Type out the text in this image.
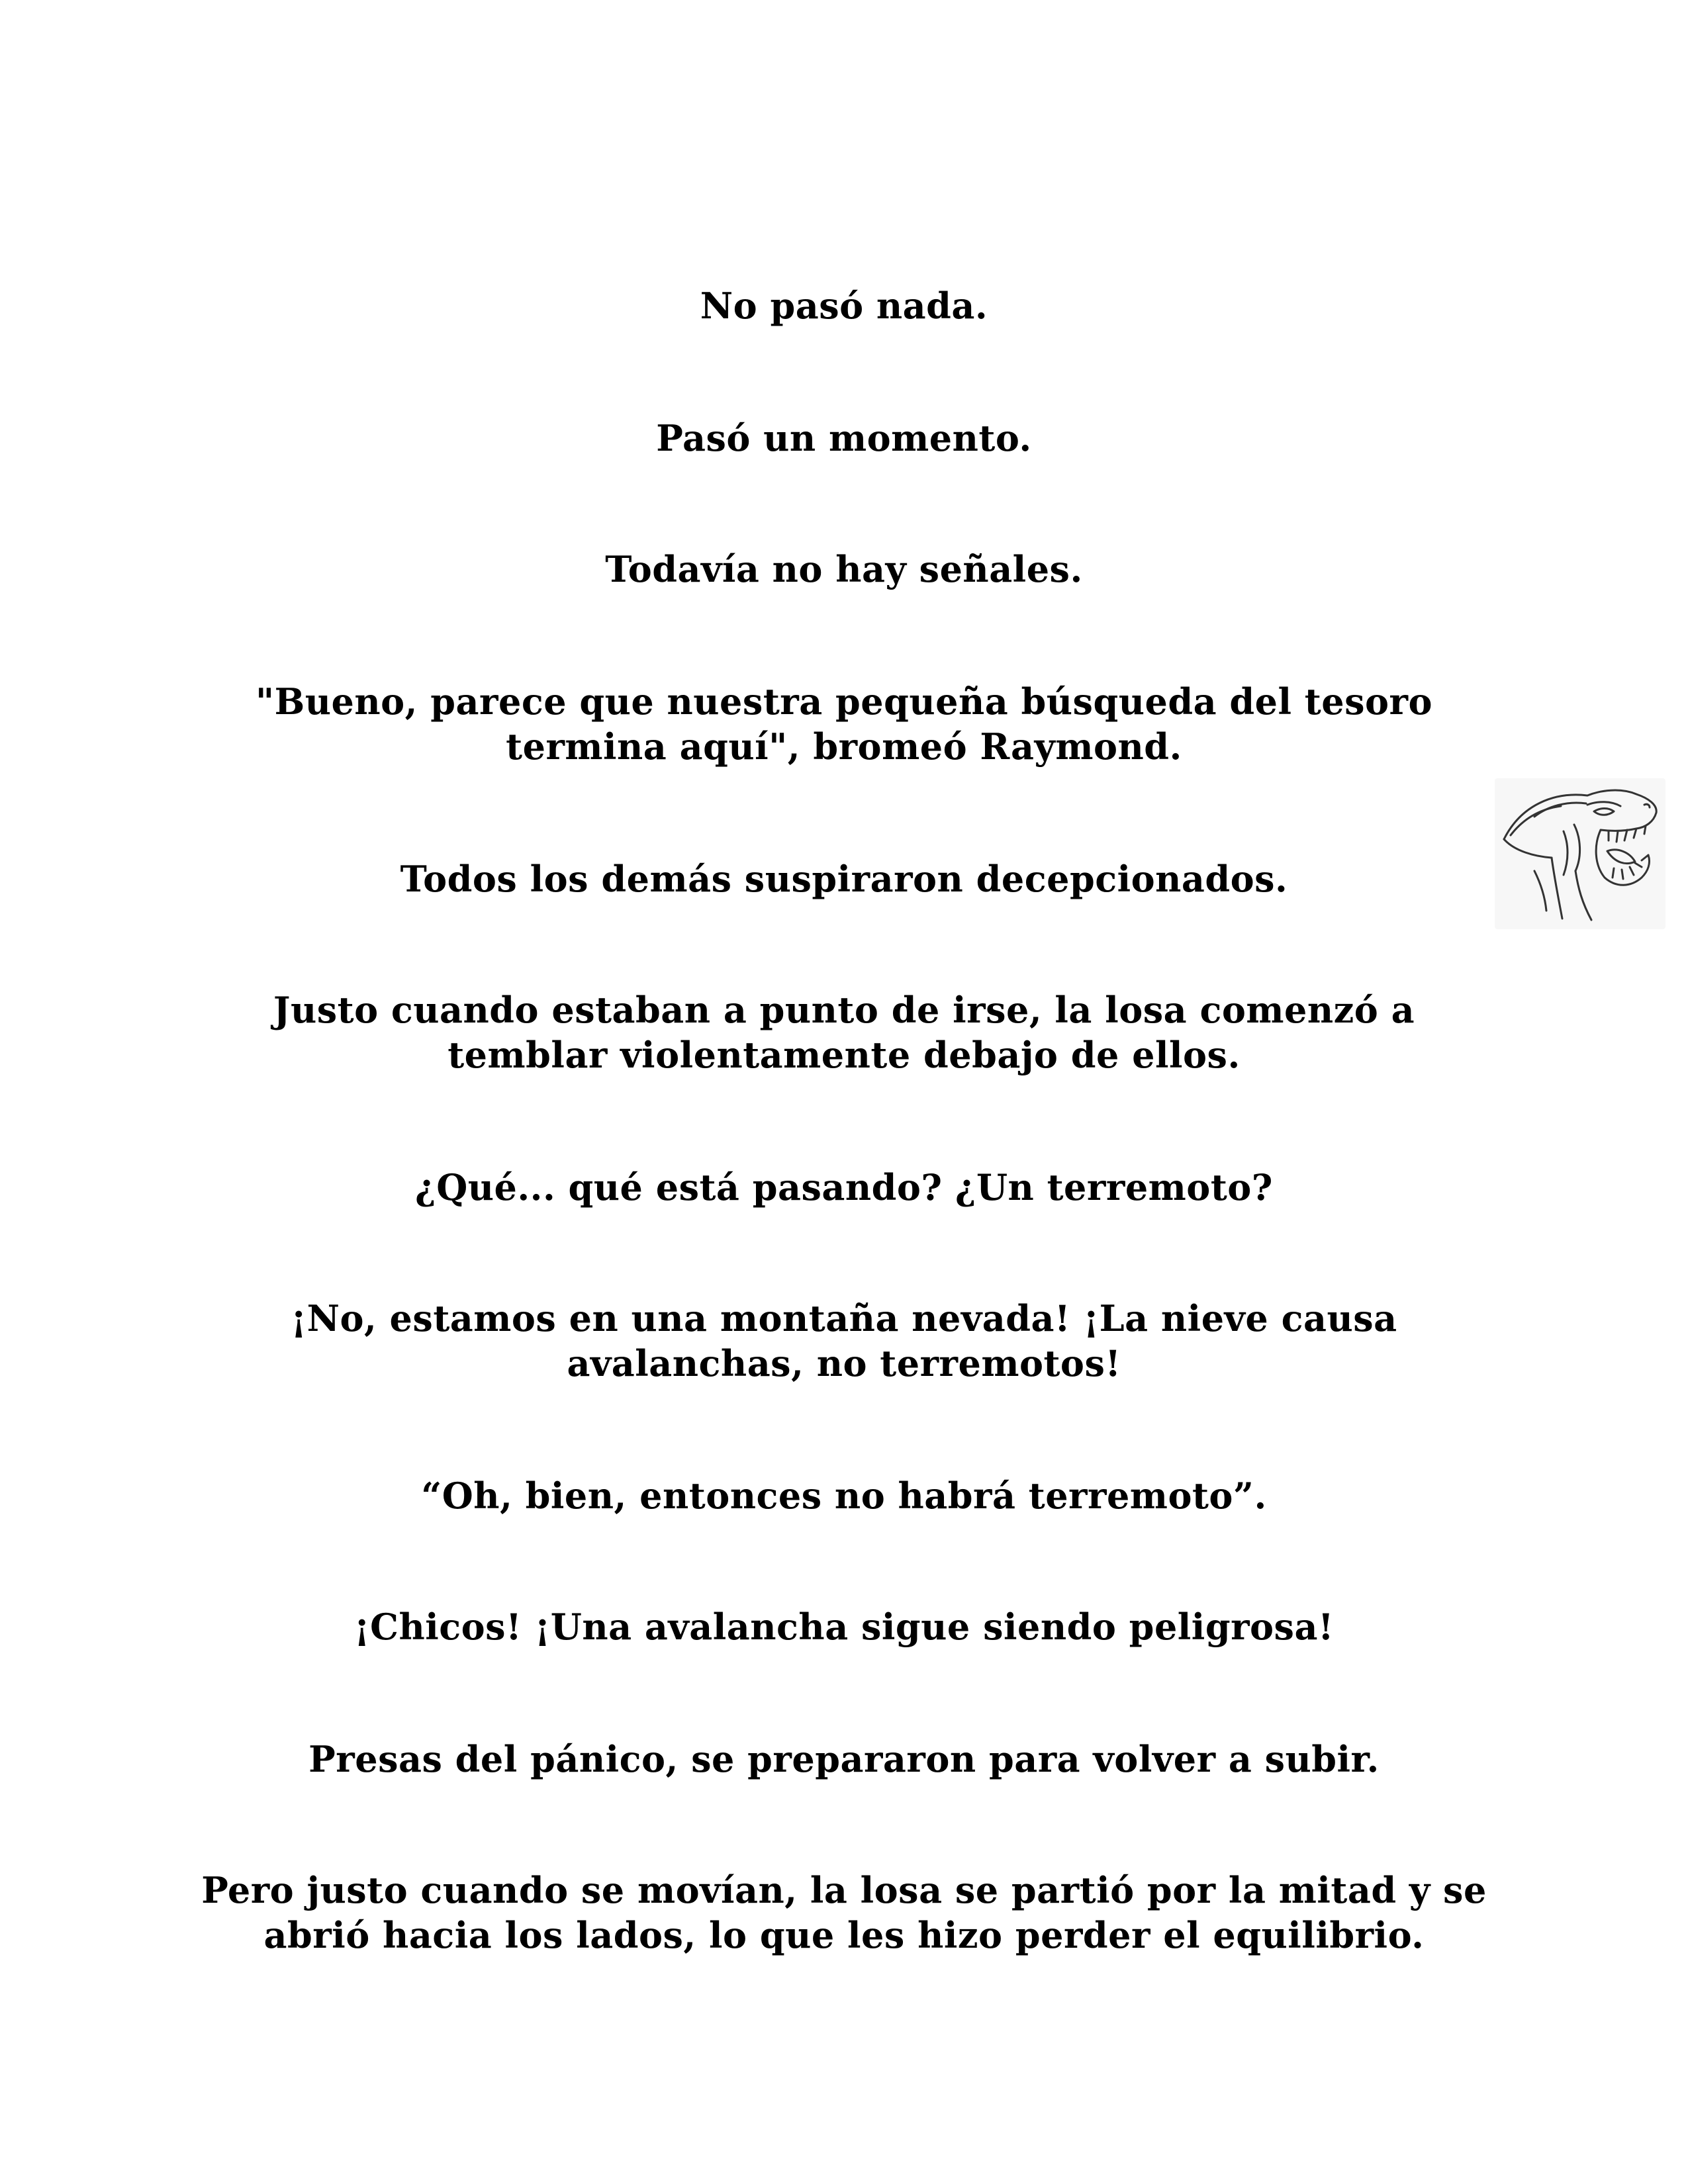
No pasó nada.
Pasó un momento.
Todavía no hay señales.
"Bueno, parece que nuestra pequeña búsqueda del tesoro
termina aquí", bromeó Raymond.
Todos los demás suspiraron decepcionados.
Justo cuando estaban a punto de irse, la losa comenzó a
temblar violentamente debajo de ellos.
¿Qué... qué está pasando? ¿Un terremoto?
¡No, estamos en una montaña nevada! ¡La nieve causa
avalanchas, no terremotos!
“Oh, bien, entonces no habrá terremoto”.
¡Chicos! ¡Una avalancha sigue siendo peligrosa!
Presas del pánico, se prepararon para volver a subir.
Pero justo cuando se movían, la losa se partió por la mitad y se
abrió hacia los lados, lo que les hizo perder el equilibrio.
